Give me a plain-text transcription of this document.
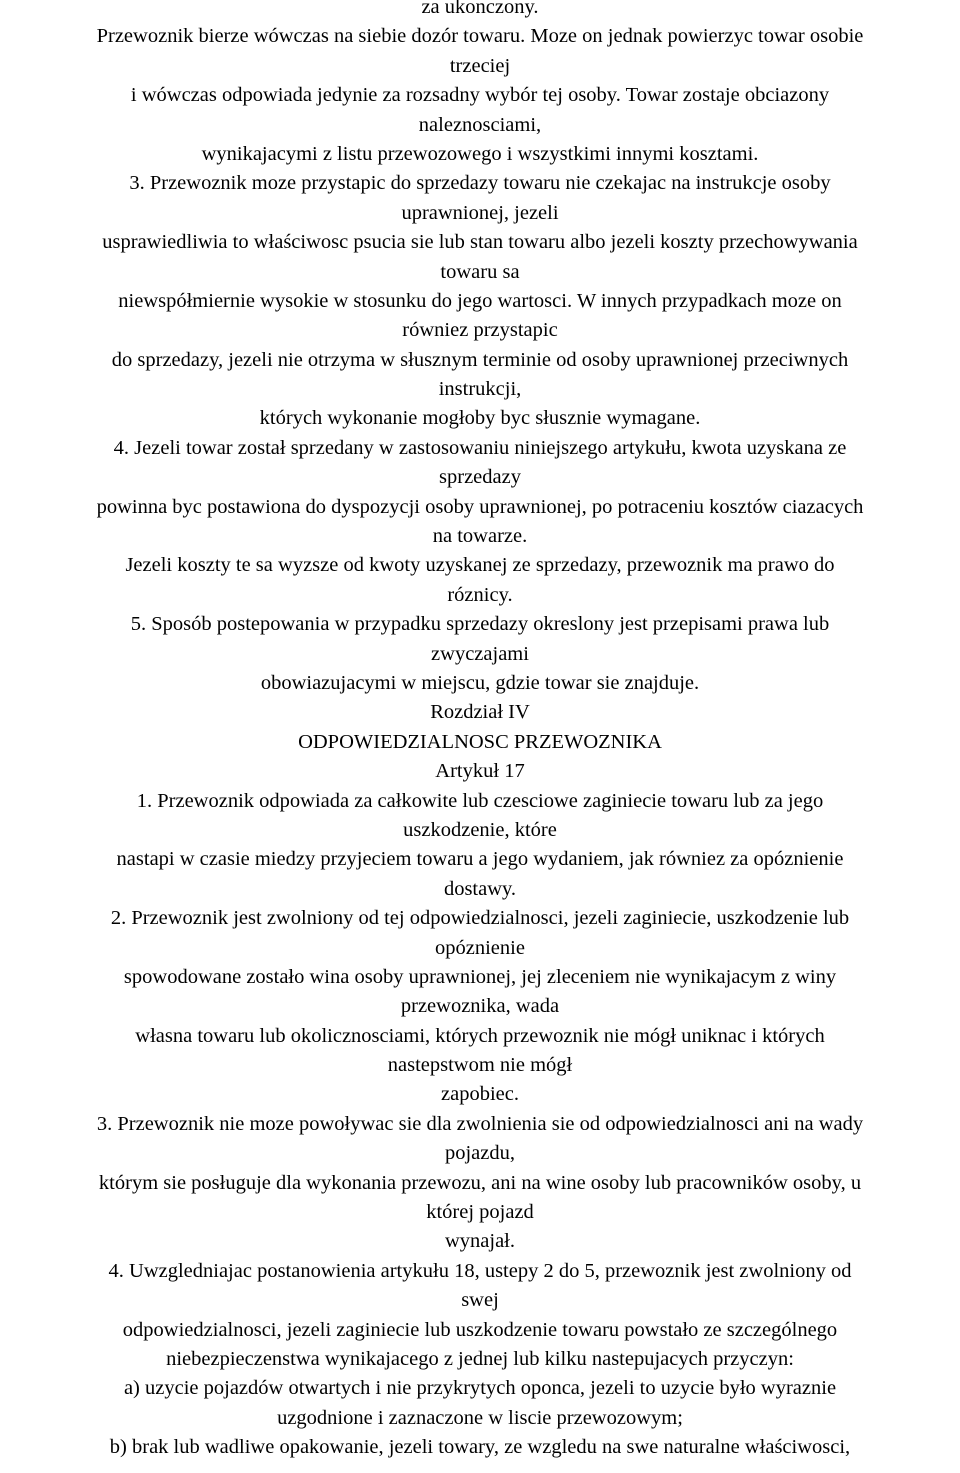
za ukonczony.
Przewoznik bierze wówczas na siebie dozór towaru. Moze on jednak powierzyc towar osobie
trzeciej
i wówczas odpowiada jedynie za rozsadny wybór tej osoby. Towar zostaje obciazony
naleznosciami,
wynikajacymi z listu przewozowego i wszystkimi innymi kosztami.
3. Przewoznik moze przystapic do sprzedazy towaru nie czekajac na instrukcje osoby
uprawnionej, jezeli
usprawiedliwia to właściwosc psucia sie lub stan towaru albo jezeli koszty przechowywania
towaru sa
niewspółmiernie wysokie w stosunku do jego wartosci. W innych przypadkach moze on
równiez przystapic
do sprzedazy, jezeli nie otrzyma w słusznym terminie od osoby uprawnionej przeciwnych
instrukcji,
których wykonanie mogłoby byc słusznie wymagane.
4. Jezeli towar został sprzedany w zastosowaniu niniejszego artykułu, kwota uzyskana ze
sprzedazy
powinna byc postawiona do dyspozycji osoby uprawnionej, po potraceniu kosztów ciazacych
na towarze.
Jezeli koszty te sa wyzsze od kwoty uzyskanej ze sprzedazy, przewoznik ma prawo do
róznicy.
5. Sposób postepowania w przypadku sprzedazy okreslony jest przepisami prawa lub
zwyczajami
obowiazujacymi w miejscu, gdzie towar sie znajduje.
Rozdział IV
ODPOWIEDZIALNOSC PRZEWOZNIKA
Artykuł 17
1. Przewoznik odpowiada za całkowite lub czesciowe zaginiecie towaru lub za jego
uszkodzenie, które
nastapi w czasie miedzy przyjeciem towaru a jego wydaniem, jak równiez za opóznienie
dostawy.
2. Przewoznik jest zwolniony od tej odpowiedzialnosci, jezeli zaginiecie, uszkodzenie lub
opóznienie
spowodowane zostało wina osoby uprawnionej, jej zleceniem nie wynikajacym z winy
przewoznika, wada
własna towaru lub okolicznosciami, których przewoznik nie mógł uniknac i których
nastepstwom nie mógł
zapobiec.
3. Przewoznik nie moze powoływac sie dla zwolnienia sie od odpowiedzialnosci ani na wady
pojazdu,
którym sie posługuje dla wykonania przewozu, ani na wine osoby lub pracowników osoby, u
której pojazd
wynajał.
4. Uwzgledniajac postanowienia artykułu 18, ustepy 2 do 5, przewoznik jest zwolniony od
swej
odpowiedzialnosci, jezeli zaginiecie lub uszkodzenie towaru powstało ze szczególnego
niebezpieczenstwa wynikajacego z jednej lub kilku nastepujacych przyczyn:
a) uzycie pojazdów otwartych i nie przykrytych oponca, jezeli to uzycie było wyraznie
uzgodnione i zaznaczone w liscie przewozowym;
b) brak lub wadliwe opakowanie, jezeli towary, ze wzgledu na swe naturalne właściwosci,
